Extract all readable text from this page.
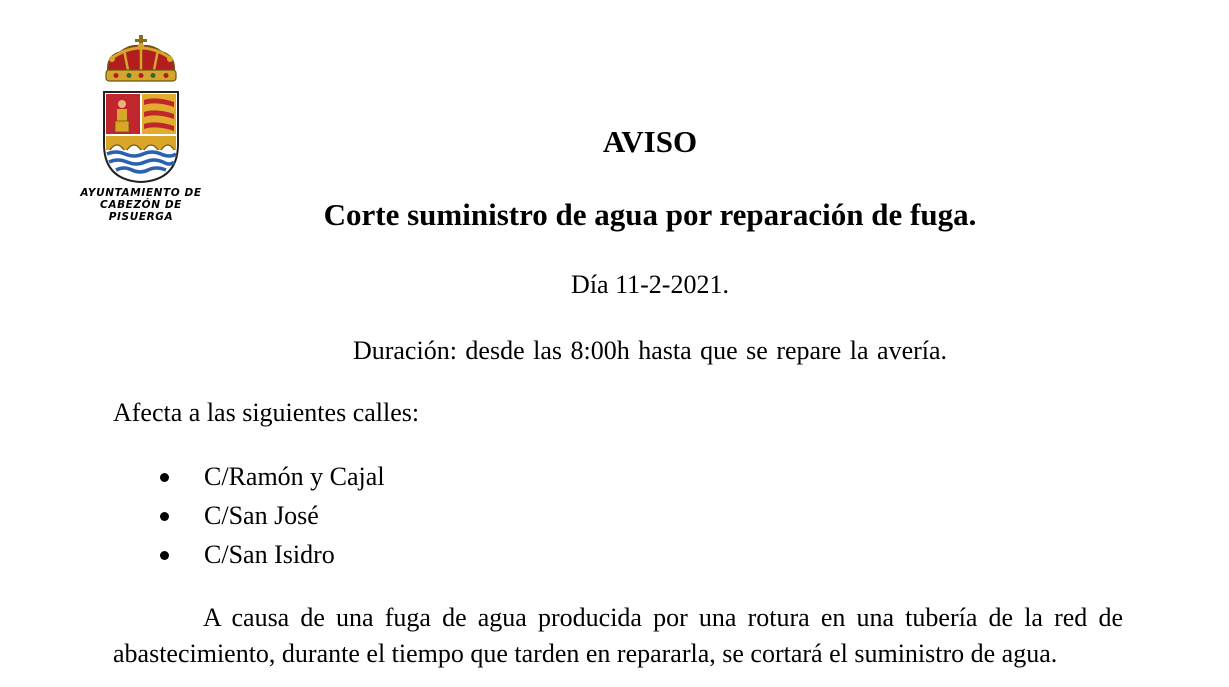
AYUNTAMIENTO DE
CABEZÓN DE PISUERGA
AVISO
Corte suministro de agua por reparación de fuga.
Día 11-2-2021.
Duración: desde las 8:00h hasta que se repare la avería.
Afecta a las siguientes calles:
C/Ramón y Cajal
C/San José
C/San Isidro

A causa de una fuga de agua producida por una rotura en una tubería de la red de abastecimiento, durante el tiempo que tarden en repararla, se cortará el suministro de agua.
